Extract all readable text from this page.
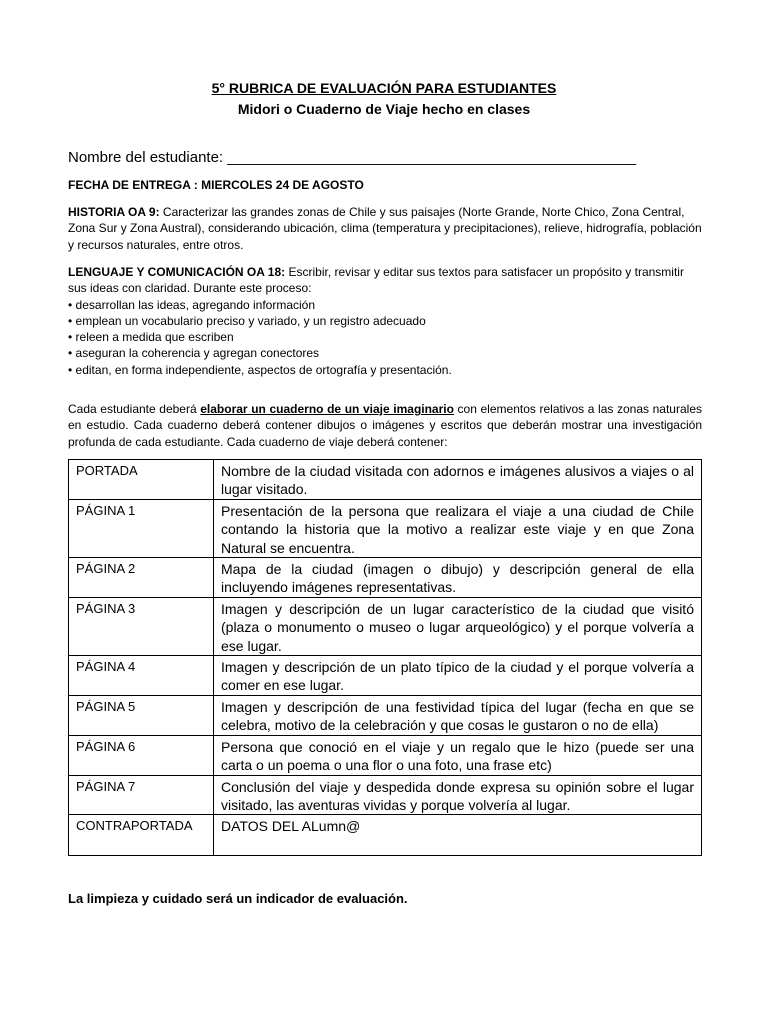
5° RUBRICA DE EVALUACIÓN PARA ESTUDIANTES
Midori o Cuaderno de Viaje hecho en clases
Nombre del estudiante: _________________________________________________
FECHA DE ENTREGA : MIERCOLES 24 DE AGOSTO
HISTORIA OA 9: Caracterizar las grandes zonas de Chile y sus paisajes (Norte Grande, Norte Chico, Zona Central, Zona Sur y Zona Austral), considerando ubicación, clima (temperatura y precipitaciones), relieve, hidrografía, población y recursos naturales, entre otros.
LENGUAJE Y COMUNICACIÓN OA 18: Escribir, revisar y editar sus textos para satisfacer un propósito y transmitir sus ideas con claridad. Durante este proceso:
• desarrollan las ideas, agregando información
• emplean un vocabulario preciso y variado, y un registro adecuado
• releen a medida que escriben
• aseguran la coherencia y agregan conectores
• editan, en forma independiente, aspectos de ortografía y presentación.
Cada estudiante deberá elaborar un cuaderno de un viaje imaginario con elementos relativos a las zonas naturales en estudio. Cada cuaderno deberá contener dibujos o imágenes y escritos que deberán mostrar una investigación profunda de cada estudiante. Cada cuaderno de viaje deberá contener:
PORTADA	Nombre de la ciudad visitada con adornos e imágenes alusivos a viajes o al lugar visitado.
PÁGINA 1	Presentación de la persona que realizara el viaje a una ciudad de Chile contando la historia que la motivo a realizar este viaje y en que Zona Natural se encuentra.
PÁGINA 2	Mapa de la ciudad (imagen o dibujo) y descripción general de ella incluyendo imágenes representativas.
PÁGINA 3	Imagen y descripción de un lugar característico de la ciudad que visitó (plaza o monumento o museo o lugar arqueológico) y el porque volvería a ese lugar.
PÁGINA 4	Imagen y descripción de un plato típico de la ciudad y el porque volvería a comer en ese lugar.
PÁGINA 5	Imagen y descripción de una festividad típica del lugar (fecha en que se celebra, motivo de la celebración y que cosas le gustaron o no de ella)
PÁGINA 6	Persona que conoció en el viaje y un regalo que le hizo (puede ser una carta o un poema o una flor o una foto, una frase etc)
PÁGINA 7	Conclusión del viaje y despedida donde expresa su opinión sobre el lugar visitado, las aventuras vividas y porque volvería al lugar.
CONTRAPORTADA	DATOS DEL ALumn@
La limpieza y cuidado será un indicador de evaluación.
